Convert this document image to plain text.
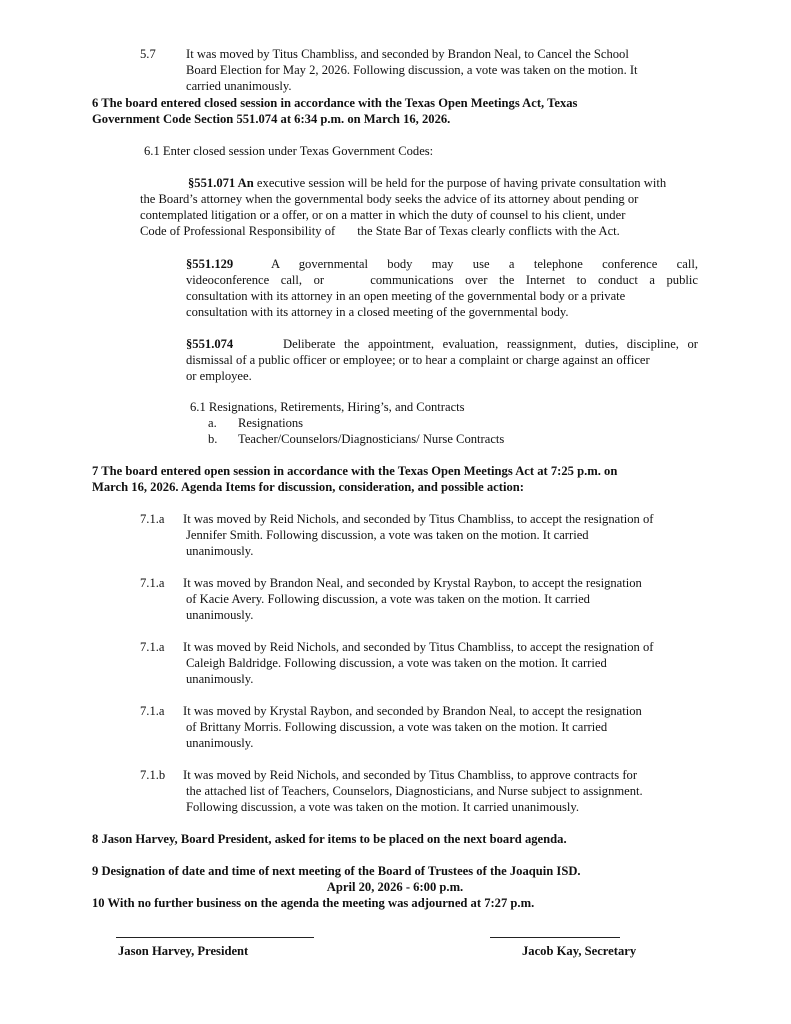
5.7 It was moved by Titus Chambliss, and seconded by Brandon Neal, to Cancel the School
Board Election for May 2, 2026. Following discussion, a vote was taken on the motion. It
carried unanimously.
6 The board entered closed session in accordance with the Texas Open Meetings Act, Texas
Government Code Section 551.074 at 6:34 p.m. on March 16, 2026.
6.1 Enter closed session under Texas Government Codes:
§551.071 An executive session will be held for the purpose of having private consultation with
the Board’s attorney when the governmental body seeks the advice of its attorney about pending or
contemplated litigation or a offer, or on a matter in which the duty of counsel to his client, under
Code of Professional Responsibility of       the State Bar of Texas clearly conflicts with the Act.
§551.129	A governmental body may use a telephone conference call,
videoconference call, or    communications over the Internet to conduct a public
consultation with its attorney in an open meeting of the governmental body or a private
consultation with its attorney in a closed meeting of the governmental body.
§551.074	Deliberate the appointment, evaluation, reassignment, duties, discipline, or
dismissal of a public officer or employee; or to hear a complaint or charge against an officer
or employee.
6.1 Resignations, Retirements, Hiring’s, and Contracts
a. Resignations
b. Teacher/Counselors/Diagnosticians/ Nurse Contracts
7 The board entered open session in accordance with the Texas Open Meetings Act at 7:25 p.m. on
March 16, 2026. Agenda Items for discussion, consideration, and possible action:
7.1.a It was moved by Reid Nichols, and seconded by Titus Chambliss, to accept the resignation of
Jennifer Smith. Following discussion, a vote was taken on the motion. It carried
unanimously.
7.1.a It was moved by Brandon Neal, and seconded by Krystal Raybon, to accept the resignation
of Kacie Avery. Following discussion, a vote was taken on the motion. It carried
unanimously.
7.1.a It was moved by Reid Nichols, and seconded by Titus Chambliss, to accept the resignation of
Caleigh Baldridge. Following discussion, a vote was taken on the motion. It carried
unanimously.
7.1.a It was moved by Krystal Raybon, and seconded by Brandon Neal, to accept the resignation
of Brittany Morris. Following discussion, a vote was taken on the motion. It carried
unanimously.
7.1.b It was moved by Reid Nichols, and seconded by Titus Chambliss, to approve contracts for
the attached list of Teachers, Counselors, Diagnosticians, and Nurse subject to assignment.
Following discussion, a vote was taken on the motion. It carried unanimously.
8 Jason Harvey, Board President, asked for items to be placed on the next board agenda.
9 Designation of date and time of next meeting of the Board of Trustees of the Joaquin ISD.
April 20, 2026 - 6:00 p.m.
10 With no further business on the agenda the meeting was adjourned at 7:27 p.m.
Jason Harvey, President	Jacob Kay, Secretary
